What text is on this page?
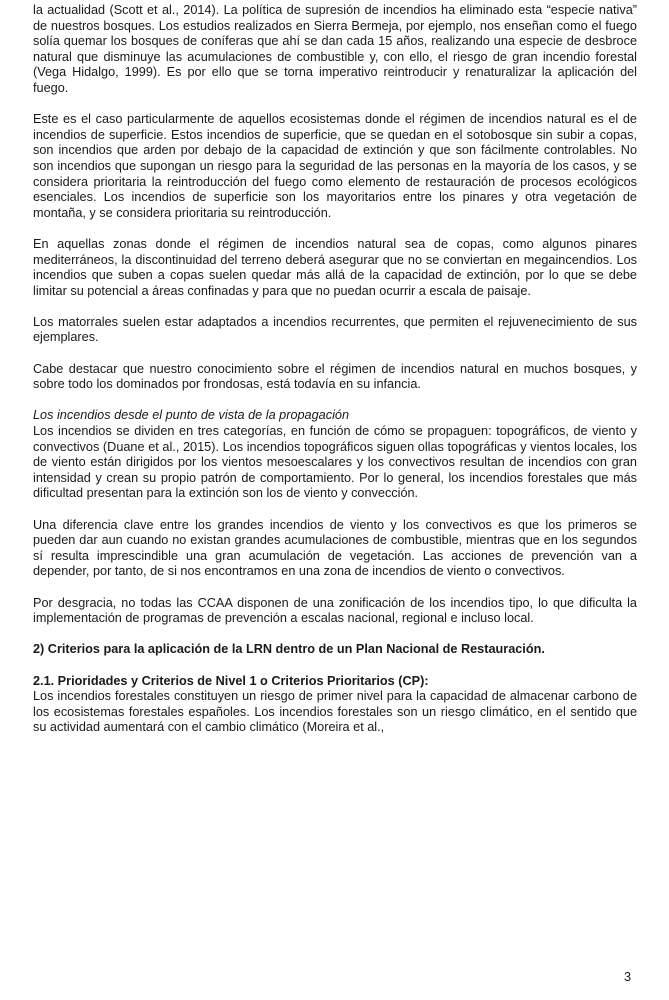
la actualidad (Scott et al., 2014). La política de supresión de incendios ha eliminado esta “especie nativa” de nuestros bosques. Los estudios realizados en Sierra Bermeja, por ejemplo, nos enseñan como el fuego solía quemar los bosques de coníferas que ahí se dan cada 15 años, realizando una especie de desbroce natural que disminuye las acumulaciones de combustible y, con ello, el riesgo de gran incendio forestal (Vega Hidalgo, 1999). Es por ello que se torna imperativo reintroducir y renaturalizar la aplicación del fuego.

Este es el caso particularmente de aquellos ecosistemas donde el régimen de incendios natural es el de incendios de superficie. Estos incendios de superficie, que se quedan en el sotobosque sin subir a copas, son incendios que arden por debajo de la capacidad de extinción y que son fácilmente controlables. No son incendios que supongan un riesgo para la seguridad de las personas en la mayoría de los casos, y se considera prioritaria la reintroducción del fuego como elemento de restauración de procesos ecológicos esenciales. Los incendios de superficie son los mayoritarios entre los pinares y otra vegetación de montaña, y se considera prioritaria su reintroducción.

En aquellas zonas donde el régimen de incendios natural sea de copas, como algunos pinares mediterráneos, la discontinuidad del terreno deberá asegurar que no se conviertan en megaincendios. Los incendios que suben a copas suelen quedar más allá de la capacidad de extinción, por lo que se debe limitar su potencial a áreas confinadas y para que no puedan ocurrir a escala de paisaje.

Los matorrales suelen estar adaptados a incendios recurrentes, que permiten el rejuvenecimiento de sus ejemplares.

Cabe destacar que nuestro conocimiento sobre el régimen de incendios natural en muchos bosques, y sobre todo los dominados por frondosas, está todavía en su infancia.

Los incendios desde el punto de vista de la propagación
Los incendios se dividen en tres categorías, en función de cómo se propaguen: topográficos, de viento y convectivos (Duane et al., 2015). Los incendios topográficos siguen ollas topográficas y vientos locales, los de viento están dirigidos por los vientos mesoescalares y los convectivos resultan de incendios con gran intensidad y crean su propio patrón de comportamiento. Por lo general, los incendios forestales que más dificultad presentan para la extinción son los de viento y convección.

Una diferencia clave entre los grandes incendios de viento y los convectivos es que los primeros se pueden dar aun cuando no existan grandes acumulaciones de combustible, mientras que en los segundos sí resulta imprescindible una gran acumulación de vegetación. Las acciones de prevención van a depender, por tanto, de si nos encontramos en una zona de incendios de viento o convectivos.

Por desgracia, no todas las CCAA disponen de una zonificación de los incendios tipo, lo que dificulta la implementación de programas de prevención a escalas nacional, regional e incluso local.

2) Criterios para la aplicación de la LRN dentro de un Plan Nacional de Restauración.

2.1. Prioridades y Criterios de Nivel 1 o Criterios Prioritarios (CP):
Los incendios forestales constituyen un riesgo de primer nivel para la capacidad de almacenar carbono de los ecosistemas forestales españoles. Los incendios forestales son un riesgo climático, en el sentido que su actividad aumentará con el cambio climático (Moreira et al.,

3
